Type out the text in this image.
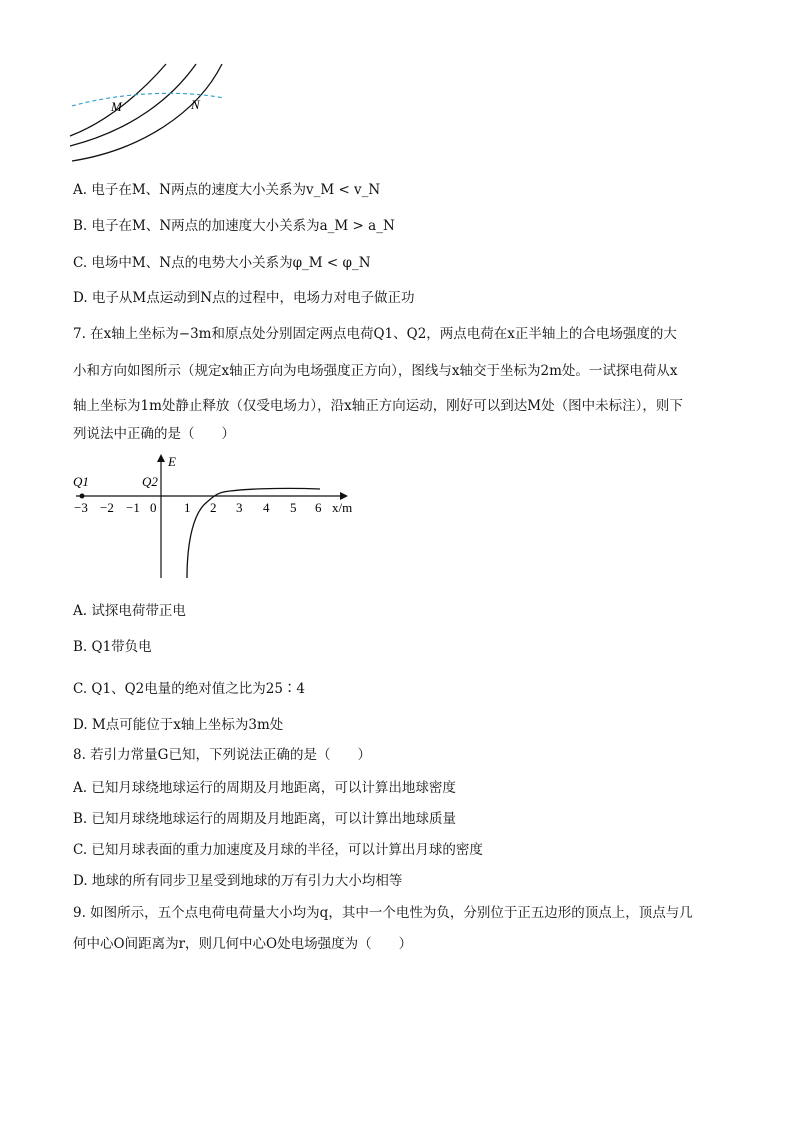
M	N
A. 电子在M、N两点的速度大小关系为v_M < v_N
B. 电子在M、N两点的加速度大小关系为a_M > a_N
C. 电场中M、N点的电势大小关系为φ_M < φ_N
D. 电子从M点运动到N点的过程中，电场力对电子做正功
7. 在x轴上坐标为−3m和原点处分别固定两点电荷Q1、Q2，两点电荷在x正半轴上的合电场强度的大
小和方向如图所示（规定x轴正方向为电场强度正方向），图线与x轴交于坐标为2m处。一试探电荷从x
轴上坐标为1m处静止释放（仅受电场力），沿x轴正方向运动，刚好可以到达M处（图中未标注），则下
列说法中正确的是（　　）
E
x/m
Q1	Q2
−3 −2 −1 0 1 2 3 4 5 6
A. 试探电荷带正电
B. Q1带负电
C. Q1、Q2电量的绝对值之比为25∶4
D. M点可能位于x轴上坐标为3m处
8. 若引力常量G已知，下列说法正确的是（　　）
A. 已知月球绕地球运行的周期及月地距离，可以计算出地球密度
B. 已知月球绕地球运行的周期及月地距离，可以计算出地球质量
C. 已知月球表面的重力加速度及月球的半径，可以计算出月球的密度
D. 地球的所有同步卫星受到地球的万有引力大小均相等
9. 如图所示，五个点电荷电荷量大小均为q，其中一个电性为负，分别位于正五边形的顶点上，顶点与几
何中心O间距离为r，则几何中心O处电场强度为（　　）
